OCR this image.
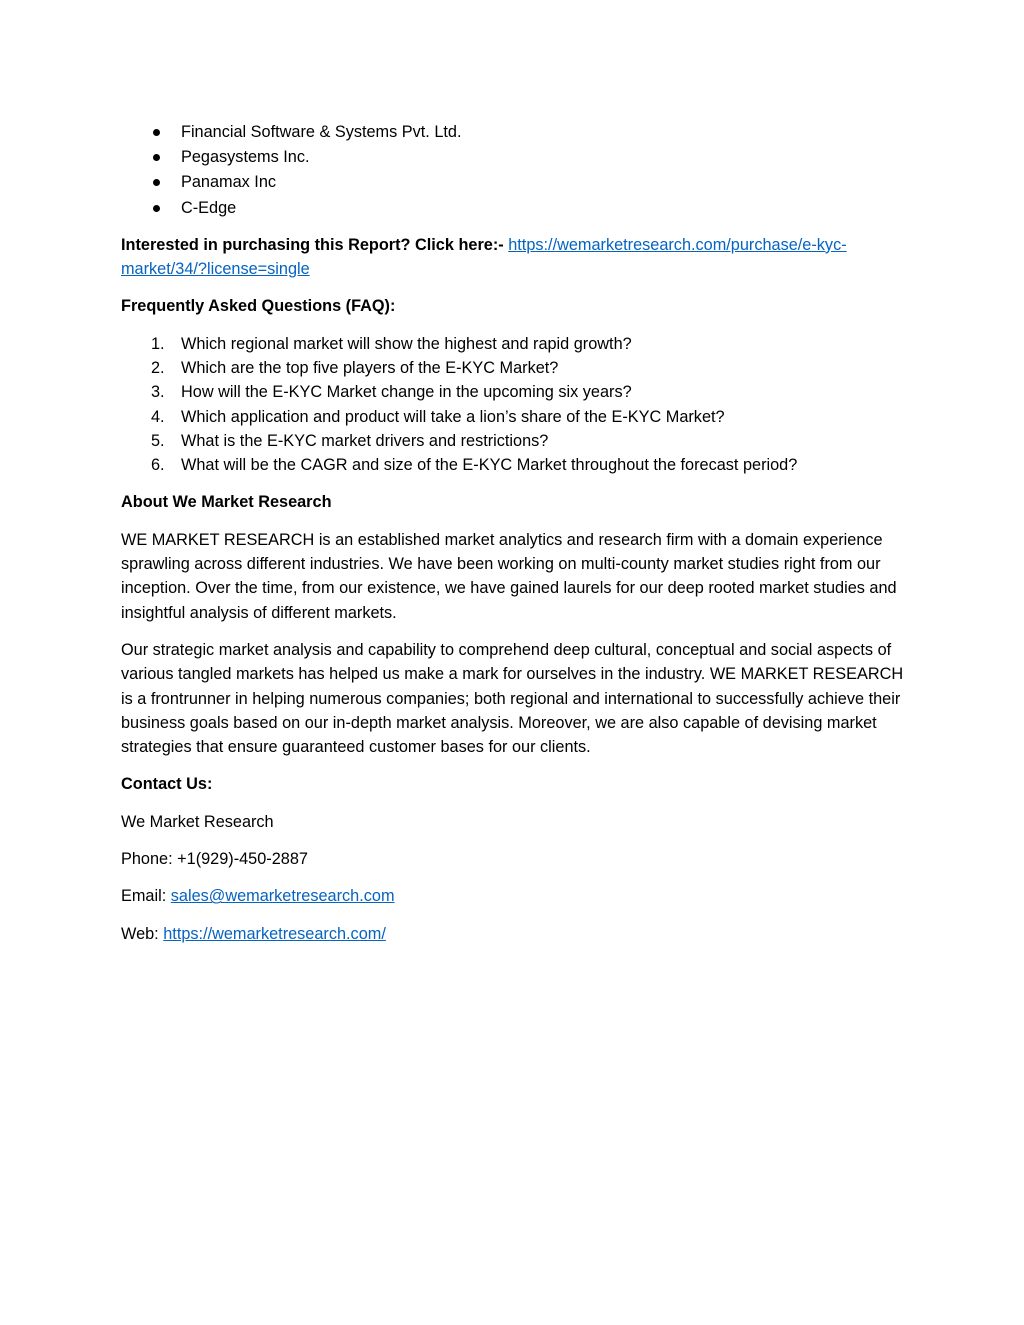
Financial Software & Systems Pvt. Ltd.
Pegasystems Inc.
Panamax Inc
C-Edge

Interested in purchasing this Report? Click here:- https://wemarketresearch.com/purchase/e-kyc-
market/34/?license=single

Frequently Asked Questions (FAQ):

1. Which regional market will show the highest and rapid growth?
2. Which are the top five players of the E-KYC Market?
3. How will the E-KYC Market change in the upcoming six years?
4. Which application and product will take a lion’s share of the E-KYC Market?
5. What is the E-KYC market drivers and restrictions?
6. What will be the CAGR and size of the E-KYC Market throughout the forecast period?

About We Market Research

WE MARKET RESEARCH is an established market analytics and research firm with a domain experience sprawling across different industries. We have been working on multi-county market studies right from our inception. Over the time, from our existence, we have gained laurels for our deep rooted market studies and insightful analysis of different markets.

Our strategic market analysis and capability to comprehend deep cultural, conceptual and social aspects of various tangled markets has helped us make a mark for ourselves in the industry. WE MARKET RESEARCH is a frontrunner in helping numerous companies; both regional and international to successfully achieve their business goals based on our in-depth market analysis. Moreover, we are also capable of devising market strategies that ensure guaranteed customer bases for our clients.

Contact Us:

We Market Research

Phone: +1(929)-450-2887

Email: sales@wemarketresearch.com

Web: https://wemarketresearch.com/
